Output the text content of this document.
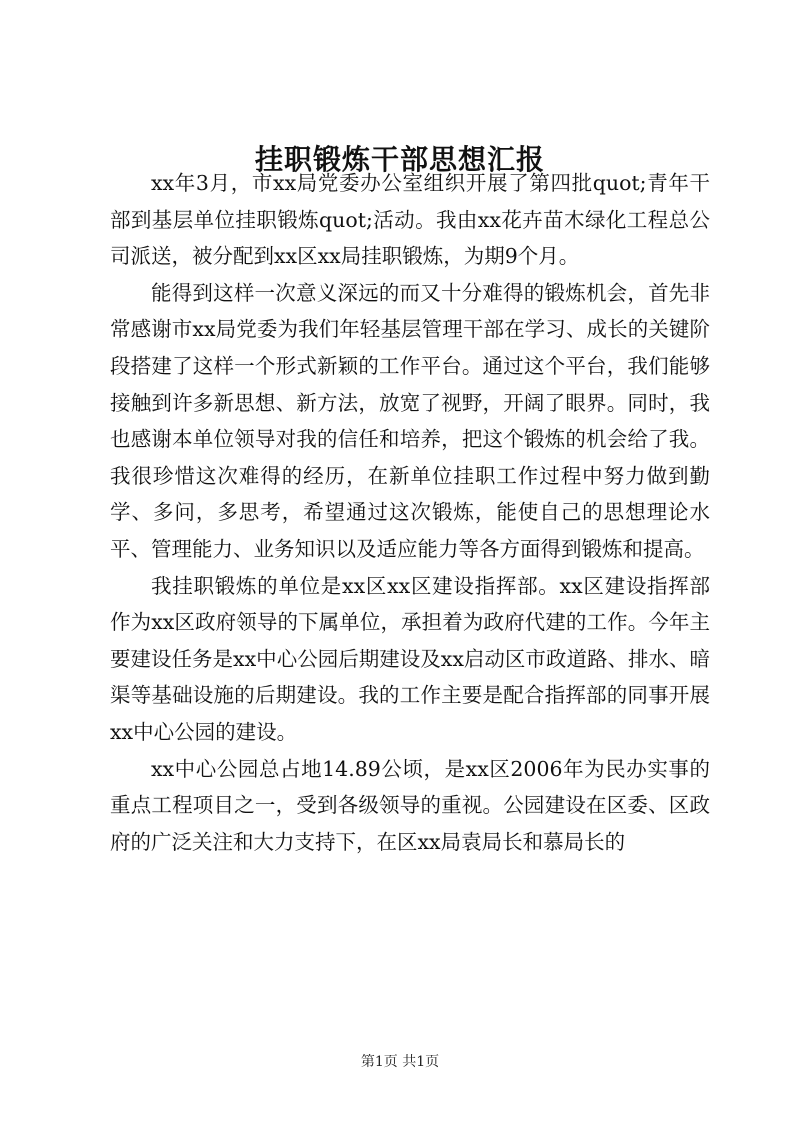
挂职锻炼干部思想汇报

xx年3月，市xx局党委办公室组织开展了第四批quot;青年干部到基层单位挂职锻炼quot;活动。我由xx花卉苗木绿化工程总公司派送，被分配到xx区xx局挂职锻炼，为期9个月。

能得到这样一次意义深远的而又十分难得的锻炼机会，首先非常感谢市xx局党委为我们年轻基层管理干部在学习、成长的关键阶段搭建了这样一个形式新颖的工作平台。通过这个平台，我们能够接触到许多新思想、新方法，放宽了视野，开阔了眼界。同时，我也感谢本单位领导对我的信任和培养，把这个锻炼的机会给了我。我很珍惜这次难得的经历，在新单位挂职工作过程中努力做到勤学、多问，多思考，希望通过这次锻炼，能使自己的思想理论水平、管理能力、业务知识以及适应能力等各方面得到锻炼和提高。

我挂职锻炼的单位是xx区xx区建设指挥部。xx区建设指挥部作为xx区政府领导的下属单位，承担着为政府代建的工作。今年主要建设任务是xx中心公园后期建设及xx启动区市政道路、排水、暗渠等基础设施的后期建设。我的工作主要是配合指挥部的同事开展xx中心公园的建设。

xx中心公园总占地14.89公顷，是xx区2006年为民办实事的重点工程项目之一，受到各级领导的重视。公园建设在区委、区政府的广泛关注和大力支持下，在区xx局袁局长和慕局长的

第1页 共1页
